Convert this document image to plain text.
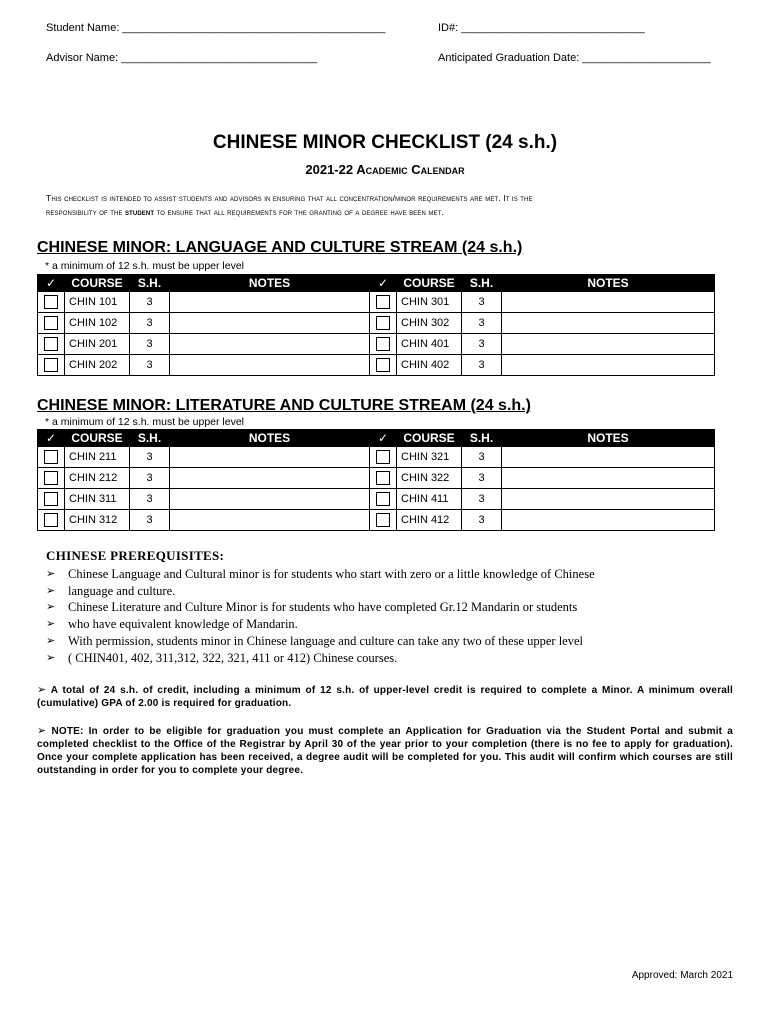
Student Name: ___________________________________________	ID#: ______________________________
Advisor Name: ________________________________	Anticipated Graduation Date: _____________________
CHINESE MINOR CHECKLIST (24 s.h.)
2021-22 Academic Calendar
This checklist is intended to assist students and advisors in ensuring that all concentration/minor requirements are met. It is the
responsibility of the student to ensure that all requirements for the granting of a degree have been met.
CHINESE MINOR: LANGUAGE AND CULTURE STREAM (24 s.h.)
* a minimum of 12 s.h. must be upper level
✓	COURSE	S.H.	NOTES	✓	COURSE	S.H.	NOTES
	CHIN 101	3			CHIN 301	3	
	CHIN 102	3			CHIN 302	3	
	CHIN 201	3			CHIN 401	3	
	CHIN 202	3			CHIN 402	3	
CHINESE MINOR: LITERATURE AND CULTURE STREAM (24 s.h.)
* a minimum of 12 s.h. must be upper level
✓	COURSE	S.H.	NOTES	✓	COURSE	S.H.	NOTES
	CHIN 211	3			CHIN 321	3	
	CHIN 212	3			CHIN 322	3	
	CHIN 311	3			CHIN 411	3	
	CHIN 312	3			CHIN 412	3	
CHINESE PREREQUISITES:
➢ Chinese Language and Cultural minor is for students who start with zero or a little knowledge of Chinese
➢ language and culture.
➢ Chinese Literature and Culture Minor is for students who have completed Gr.12 Mandarin or students
➢ who have equivalent knowledge of Mandarin.
➢ With permission, students minor in Chinese language and culture can take any two of these upper level
➢ ( CHIN401, 402, 311,312, 322, 321, 411 or 412) Chinese courses.
➢ A total of 24 s.h. of credit, including a minimum of 12 s.h. of upper-level credit is required to complete a Minor. A minimum overall (cumulative) GPA of 2.00 is required for graduation.
➢ NOTE: In order to be eligible for graduation you must complete an Application for Graduation via the Student Portal and submit a completed checklist to the Office of the Registrar by April 30 of the year prior to your completion (there is no fee to apply for graduation). Once your complete application has been received, a degree audit will be completed for you. This audit will confirm which courses are still outstanding in order for you to complete your degree.
Approved: March 2021
